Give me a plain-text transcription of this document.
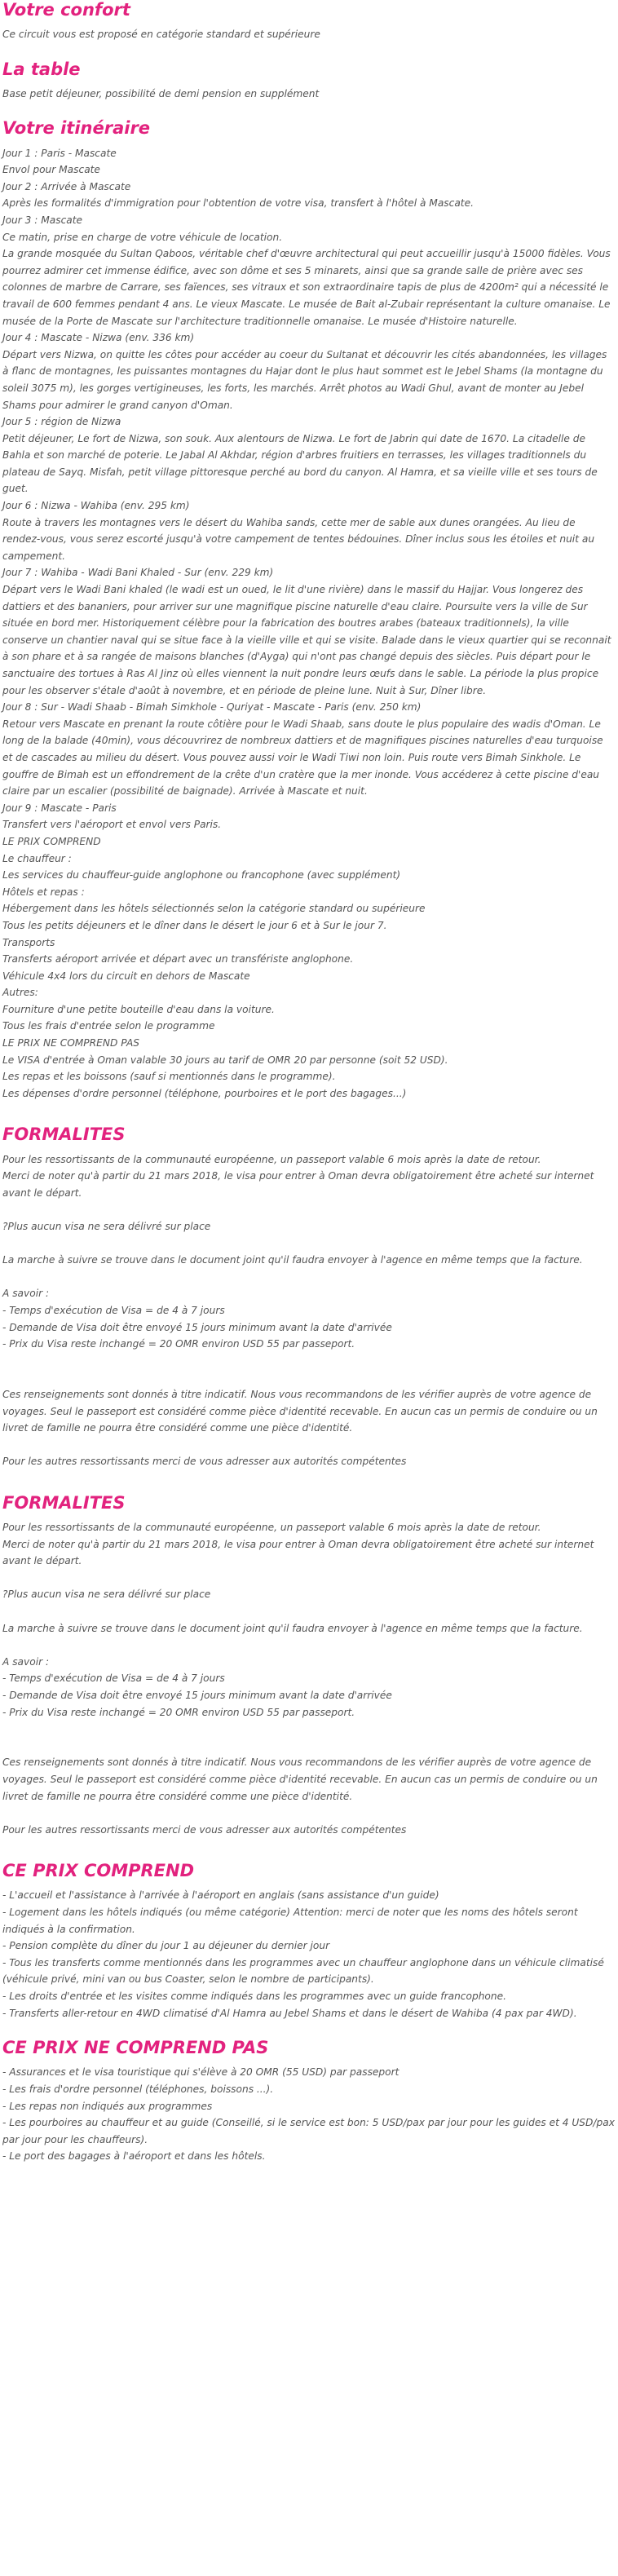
Votre confort
Ce circuit vous est proposé en catégorie standard et supérieure
La table
Base petit déjeuner, possibilité de demi pension en supplément
Votre itinéraire
Jour 1 : Paris - Mascate
Envol pour Mascate
Jour 2 : Arrivée à Mascate
Après les formalités d'immigration pour l'obtention de votre visa, transfert à l'hôtel à Mascate.
Jour 3 : Mascate
Ce matin, prise en charge de votre véhicule de location.
La grande mosquée du Sultan Qaboos, véritable chef d'œuvre architectural qui peut accueillir jusqu'à 15000 fidèles. Vous pourrez admirer cet immense édifice, avec son dôme et ses 5 minarets, ainsi que sa grande salle de prière avec ses colonnes de marbre de Carrare, ses faïences, ses vitraux et son extraordinaire tapis de plus de 4200m² qui a nécessité le travail de 600 femmes pendant 4 ans. Le vieux Mascate. Le musée de Bait al-Zubair représentant la culture omanaise. Le musée de la Porte de Mascate sur l'architecture traditionnelle omanaise. Le musée d'Histoire naturelle.
Jour 4 : Mascate - Nizwa (env. 336 km)
Départ vers Nizwa, on quitte les côtes pour accéder au coeur du Sultanat et découvrir les cités abandonnées, les villages à flanc de montagnes, les puissantes montagnes du Hajar dont le plus haut sommet est le Jebel Shams (la montagne du soleil 3075 m), les gorges vertigineuses, les forts, les marchés. Arrêt photos au Wadi Ghul, avant de monter au Jebel Shams pour admirer le grand canyon d'Oman.
Jour 5 : région de Nizwa
Petit déjeuner, Le fort de Nizwa, son souk. Aux alentours de Nizwa. Le fort de Jabrin qui date de 1670. La citadelle de Bahla et son marché de poterie. Le Jabal Al Akhdar, région d'arbres fruitiers en terrasses, les villages traditionnels du plateau de Sayq. Misfah, petit village pittoresque perché au bord du canyon. Al Hamra, et sa vieille ville et ses tours de guet.
Jour 6 : Nizwa - Wahiba (env. 295 km)
Route à travers les montagnes vers le désert du Wahiba sands, cette mer de sable aux dunes orangées. Au lieu de rendez-vous, vous serez escorté jusqu'à votre campement de tentes bédouines. Dîner inclus sous les étoiles et nuit au campement.
Jour 7 : Wahiba - Wadi Bani Khaled - Sur (env. 229 km)
Départ vers le Wadi Bani khaled (le wadi est un oued, le lit d'une rivière) dans le massif du Hajjar. Vous longerez des dattiers et des bananiers, pour arriver sur une magnifique piscine naturelle d'eau claire. Poursuite vers la ville de Sur située en bord mer. Historiquement célèbre pour la fabrication des boutres arabes (bateaux traditionnels), la ville conserve un chantier naval qui se situe face à la vieille ville et qui se visite. Balade dans le vieux quartier qui se reconnait à son phare et à sa rangée de maisons blanches (d'Ayga) qui n'ont pas changé depuis des siècles. Puis départ pour le sanctuaire des tortues à Ras Al Jinz où elles viennent la nuit pondre leurs œufs dans le sable. La période la plus propice pour les observer s'étale d'août à novembre, et en période de pleine lune. Nuit à Sur, Dîner libre.
Jour 8 : Sur - Wadi Shaab - Bimah Simkhole - Quriyat - Mascate - Paris (env. 250 km)
Retour vers Mascate en prenant la route côtière pour le Wadi Shaab, sans doute le plus populaire des wadis d'Oman. Le long de la balade (40min), vous découvrirez de nombreux dattiers et de magnifiques piscines naturelles d'eau turquoise et de cascades au milieu du désert. Vous pouvez aussi voir le Wadi Tiwi non loin. Puis route vers Bimah Sinkhole. Le gouffre de Bimah est un effondrement de la crête d'un cratère que la mer inonde. Vous accéderez à cette piscine d'eau claire par un escalier (possibilité de baignade). Arrivée à Mascate et nuit.
Jour 9 : Mascate - Paris
Transfert vers l'aéroport et envol vers Paris.
LE PRIX COMPREND
Le chauffeur :
Les services du chauffeur-guide anglophone ou francophone (avec supplément)
Hôtels et repas :
Hébergement dans les hôtels sélectionnés selon la catégorie standard ou supérieure
Tous les petits déjeuners et le dîner dans le désert le jour 6 et à Sur le jour 7.
Transports
Transferts aéroport arrivée et départ avec un transfériste anglophone.
Véhicule 4x4 lors du circuit en dehors de Mascate
Autres:
Fourniture d'une petite bouteille d'eau dans la voiture.
Tous les frais d'entrée selon le programme
LE PRIX NE COMPREND PAS
Le VISA d'entrée à Oman valable 30 jours au tarif de OMR 20 par personne (soit 52 USD).
Les repas et les boissons (sauf si mentionnés dans le programme).
Les dépenses d'ordre personnel (téléphone, pourboires et le port des bagages...)
FORMALITES
Pour les ressortissants de la communauté européenne, un passeport valable 6 mois après la date de retour.
Merci de noter qu'à partir du 21 mars 2018, le visa pour entrer à Oman devra obligatoirement être acheté sur internet avant le départ.
?Plus aucun visa ne sera délivré sur place
La marche à suivre se trouve dans le document joint qu'il faudra envoyer à l'agence en même temps que la facture.
A savoir :
- Temps d'exécution de Visa = de 4 à 7 jours
- Demande de Visa doit être envoyé 15 jours minimum avant la date d'arrivée
- Prix du Visa reste inchangé = 20 OMR environ USD 55 par passeport.
Ces renseignements sont donnés à titre indicatif. Nous vous recommandons de les vérifier auprès de votre agence de voyages. Seul le passeport est considéré comme pièce d'identité recevable. En aucun cas un permis de conduire ou un livret de famille ne pourra être considéré comme une pièce d'identité.
Pour les autres ressortissants merci de vous adresser aux autorités compétentes
FORMALITES
Pour les ressortissants de la communauté européenne, un passeport valable 6 mois après la date de retour.
Merci de noter qu'à partir du 21 mars 2018, le visa pour entrer à Oman devra obligatoirement être acheté sur internet avant le départ.
?Plus aucun visa ne sera délivré sur place
La marche à suivre se trouve dans le document joint qu'il faudra envoyer à l'agence en même temps que la facture.
A savoir :
- Temps d'exécution de Visa = de 4 à 7 jours
- Demande de Visa doit être envoyé 15 jours minimum avant la date d'arrivée
- Prix du Visa reste inchangé = 20 OMR environ USD 55 par passeport.
Ces renseignements sont donnés à titre indicatif. Nous vous recommandons de les vérifier auprès de votre agence de voyages. Seul le passeport est considéré comme pièce d'identité recevable. En aucun cas un permis de conduire ou un livret de famille ne pourra être considéré comme une pièce d'identité.
Pour les autres ressortissants merci de vous adresser aux autorités compétentes
CE PRIX COMPREND
- L'accueil et l'assistance à l'arrivée à l'aéroport en anglais (sans assistance d'un guide)
- Logement dans les hôtels indiqués (ou même catégorie) Attention: merci de noter que les noms des hôtels seront indiqués à la confirmation.
- Pension complète du dîner du jour 1 au déjeuner du dernier jour
- Tous les transferts comme mentionnés dans les programmes avec un chauffeur anglophone dans un véhicule climatisé (véhicule privé, mini van ou bus Coaster, selon le nombre de participants).
- Les droits d'entrée et les visites comme indiqués dans les programmes avec un guide francophone.
- Transferts aller-retour en 4WD climatisé d'Al Hamra au Jebel Shams et dans le désert de Wahiba (4 pax par 4WD).
CE PRIX NE COMPREND PAS
- Assurances et le visa touristique qui s'élève à 20 OMR (55 USD) par passeport
- Les frais d'ordre personnel (téléphones, boissons ...).
- Les repas non indiqués aux programmes
- Les pourboires au chauffeur et au guide (Conseillé, si le service est bon: 5 USD/pax par jour pour les guides et 4 USD/pax par jour pour les chauffeurs).
- Le port des bagages à l'aéroport et dans les hôtels.
